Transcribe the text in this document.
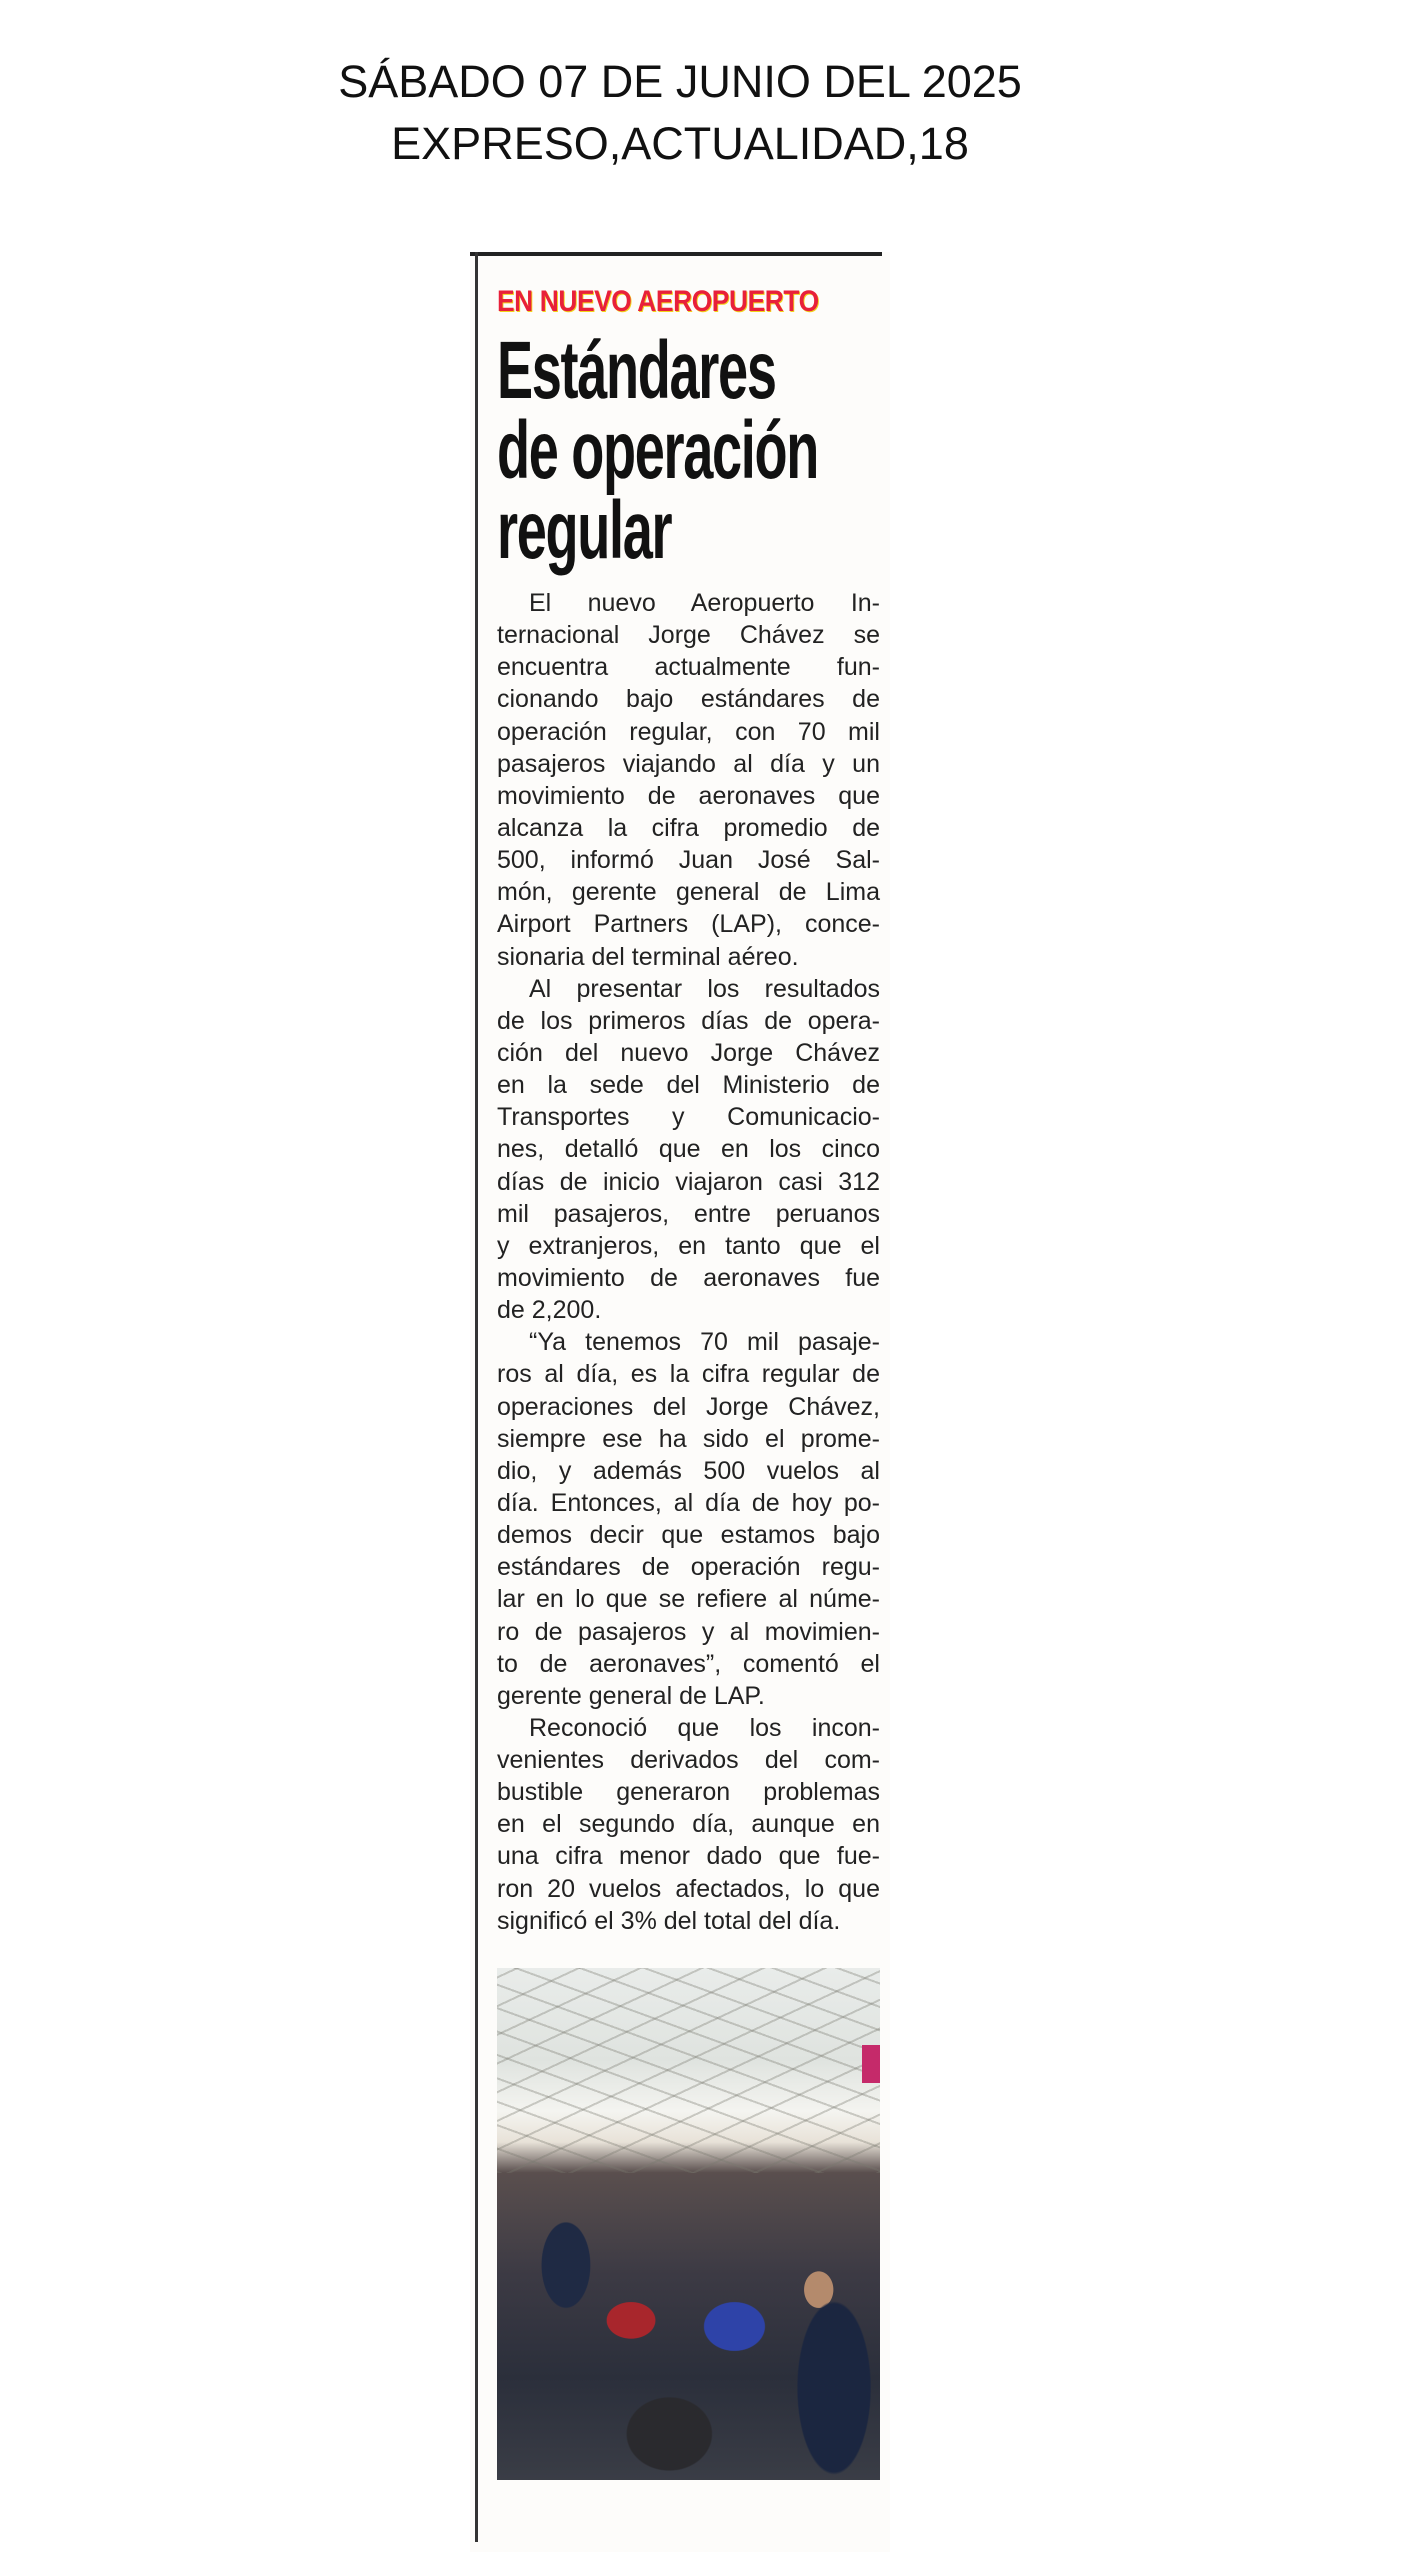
SÁBADO 07 DE JUNIO DEL 2025
EXPRESO,ACTUALIDAD,18
EN NUEVO AEROPUERTO
Estándares
de operación
regular
El nuevo Aeropuerto In-
ternacional Jorge Chávez se
encuentra actualmente fun-
cionando bajo estándares de
operación regular, con 70 mil
pasajeros viajando al día y un
movimiento de aeronaves que
alcanza la cifra promedio de
500, informó Juan José Sal-
món, gerente general de Lima
Airport Partners (LAP), conce-
sionaria del terminal aéreo.
Al presentar los resultados
de los primeros días de opera-
ción del nuevo Jorge Chávez
en la sede del Ministerio de
Transportes y Comunicacio-
nes, detalló que en los cinco
días de inicio viajaron casi 312
mil pasajeros, entre peruanos
y extranjeros, en tanto que el
movimiento de aeronaves fue
de 2,200.
“Ya tenemos 70 mil pasaje-
ros al día, es la cifra regular de
operaciones del Jorge Chávez,
siempre ese ha sido el prome-
dio, y además 500 vuelos al
día. Entonces, al día de hoy po-
demos decir que estamos bajo
estándares de operación regu-
lar en lo que se refiere al núme-
ro de pasajeros y al movimien-
to de aeronaves”, comentó el
gerente general de LAP.
Reconoció que los incon-
venientes derivados del com-
bustible generaron problemas
en el segundo día, aunque en
una cifra menor dado que fue-
ron 20 vuelos afectados, lo que
significó el 3% del total del día.
